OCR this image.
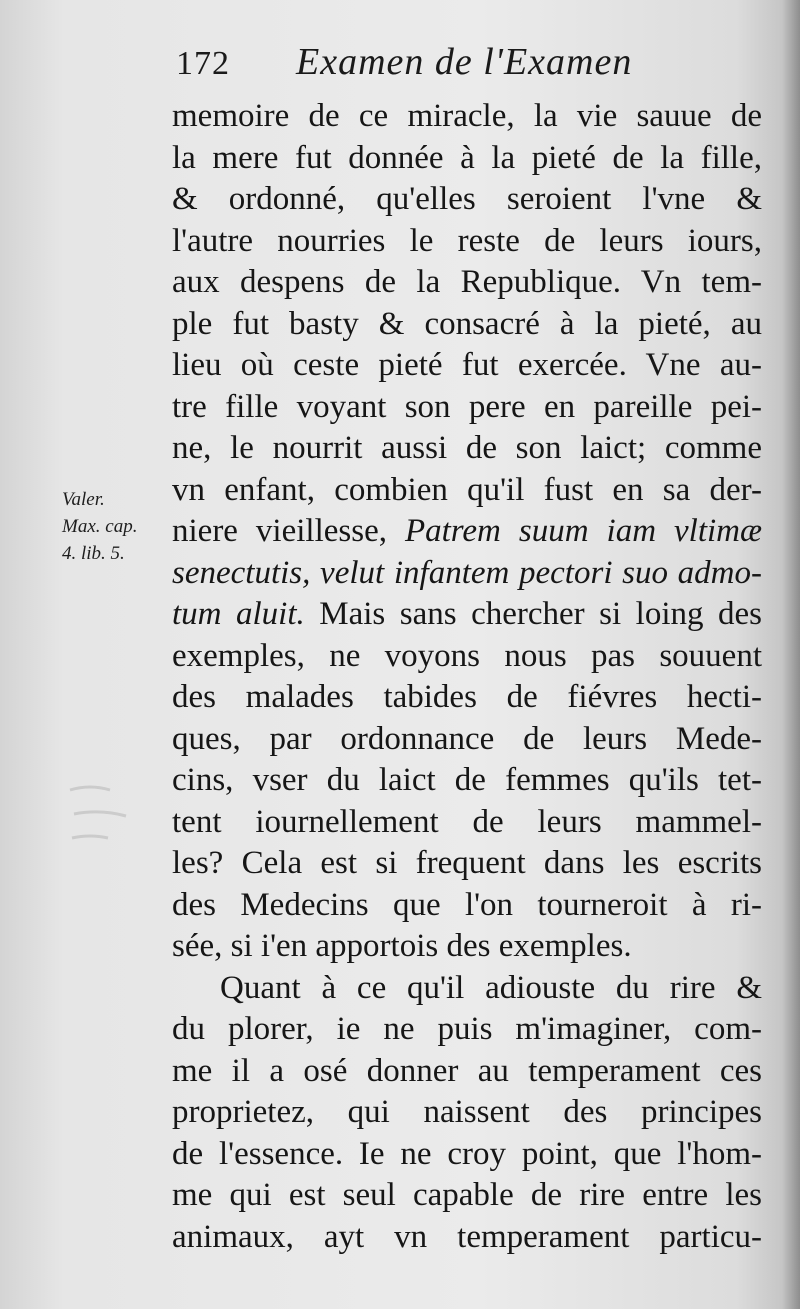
172	Examen de l'Examen
Valer.
Max. cap.
4. lib. 5.
memoire de ce miracle, la vie sauue de
la mere fut donnée à la pieté de la fille,
& ordonné, qu'elles seroient l'vne &
l'autre nourries le reste de leurs iours,
aux despens de la Republique. Vn tem-
ple fut basty & consacré à la pieté, au
lieu où ceste pieté fut exercée. Vne au-
tre fille voyant son pere en pareille pei-
ne, le nourrit aussi de son laict; comme
vn enfant, combien qu'il fust en sa der-
niere vieillesse, Patrem suum iam vltimæ
senectutis, velut infantem pectori suo admo-
tum aluit. Mais sans chercher si loing des
exemples, ne voyons nous pas souuent
des malades tabides de fiévres hecti-
ques, par ordonnance de leurs Mede-
cins, vser du laict de femmes qu'ils tet-
tent iournellement de leurs mammel-
les? Cela est si frequent dans les escrits
des Medecins que l'on tourneroit à ri-
sée, si i'en apportois des exemples.
Quant à ce qu'il adiouste du rire &
du plorer, ie ne puis m'imaginer, com-
me il a osé donner au temperament ces
proprietez, qui naissent des principes
de l'essence. Ie ne croy point, que l'hom-
me qui est seul capable de rire entre les
animaux, ayt vn temperament particu-
